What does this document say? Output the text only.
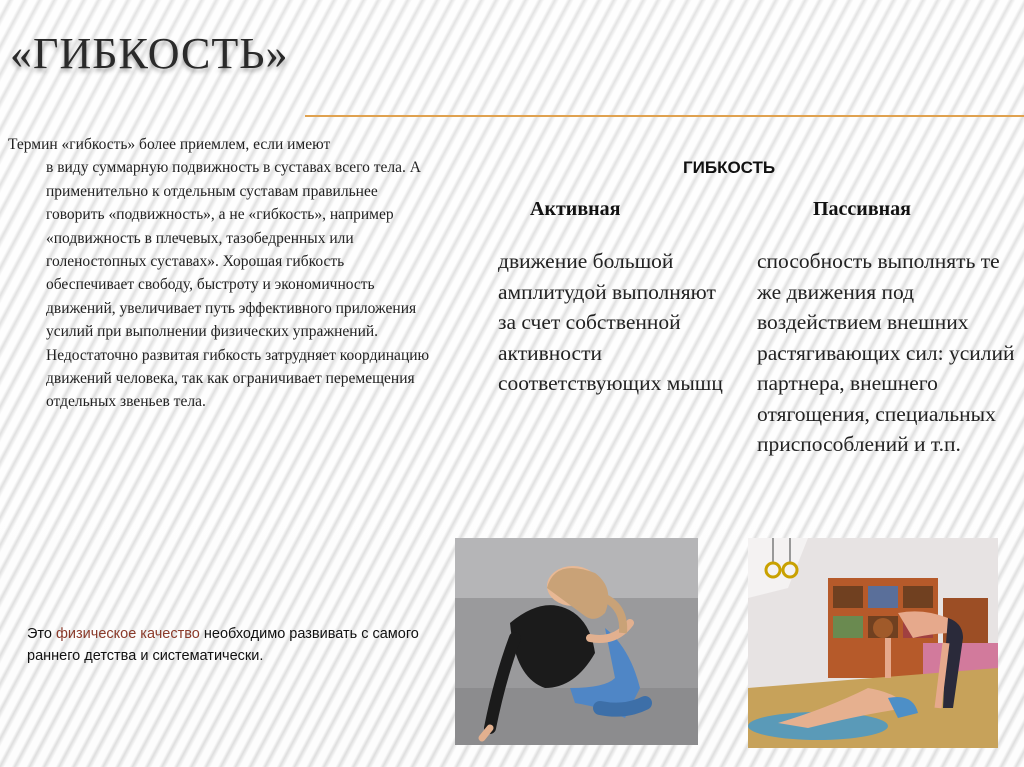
«ГИБКОСТЬ»
Термин «гибкость» более приемлем, если имеют
в виду суммарную подвижность в суставах всего тела. А применительно к отдельным суставам правильнее говорить «подвижность», а не «гибкость», например «подвижность в плечевых, тазобедренных или голеностопных суставах». Хорошая гибкость обеспечивает свободу, быстроту и экономичность движений, увеличивает путь эффективного приложения усилий при выполнении физических упражнений. Недостаточно развитая гибкость затрудняет координацию движений человека, так как ограничивает перемещения отдельных звеньев тела.
Это физическое качество необходимо развивать с самого раннего детства и систематически.
ГИБКОСТЬ
Активная	Пассивная
движение большой амплитудой выполняют за счет собственной активности соответствующих мышц
способность выполнять те же движения под воздействием внешних растягивающих сил: усилий партнера, внешнего отягощения, специальных приспособлений и т.п.
